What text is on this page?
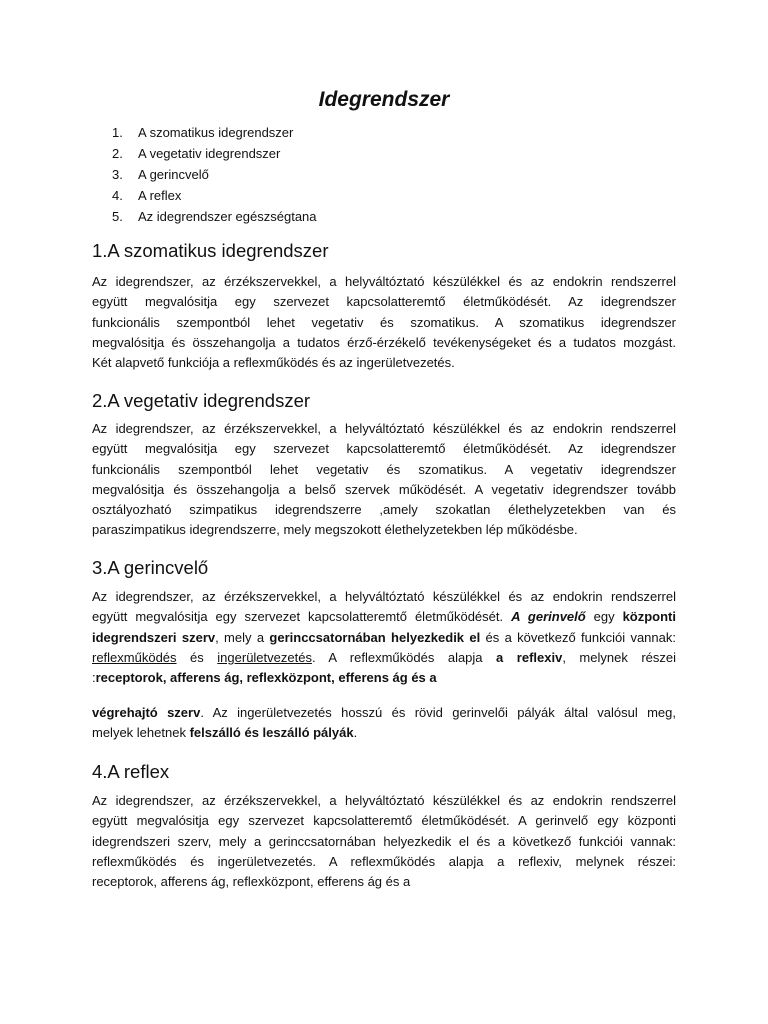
Idegrendszer
1. A szomatikus idegrendszer
2. A vegetativ idegrendszer
3. A gerincvelő
4. A reflex
5. Az idegrendszer egészségtana
1.A szomatikus idegrendszer
Az idegrendszer, az érzékszervekkel, a helyváltóztató készülékkel és az endokrin rendszerrel
együtt megvalósitja egy szervezet kapcsolatteremtő életműködését. Az idegrendszer
funkcionális szempontból lehet vegetativ és szomatikus. A szomatikus idegrendszer
megvalósitja és összehangolja a tudatos érző-érzékelő tevékenységeket és a tudatos mozgást.
Két alapvető funkciója a reflexműködés és az ingerületvezetés.
2.A vegetativ idegrendszer
Az idegrendszer, az érzékszervekkel, a helyváltóztató készülékkel és az endokrin rendszerrel
együtt megvalósitja egy szervezet kapcsolatteremtő életműködését. Az idegrendszer
funkcionális szempontból lehet vegetativ és szomatikus. A vegetativ idegrendszer
megvalósitja és összehangolja a belső szervek működését. A vegetativ idegrendszer tovább
osztályozható szimpatikus idegrendszerre ,amely szokatlan élethelyzetekben van és
paraszimpatikus idegrendszerre, mely megszokott élethelyzetekben lép működésbe.
3.A gerincvelő
Az idegrendszer, az érzékszervekkel, a helyváltóztató készülékkel és az endokrin rendszerrel
együtt megvalósitja egy szervezet kapcsolatteremtő életműködését. A gerinvelő egy központi
idegrendszeri szerv, mely a gerinccsatornában helyezkedik el és a következő funkciói vannak:
reflexműködés és ingerületvezetés. A reflexműködés alapja a reflexiv, melynek részei
:receptorok, afferens ág, reflexközpont, efferens ág és a
végrehajtó szerv. Az ingerületvezetés hosszú és rövid gerinvelői pályák által valósul meg,
melyek lehetnek felszálló és leszálló pályák.
4.A reflex
Az idegrendszer, az érzékszervekkel, a helyváltóztató készülékkel és az endokrin rendszerrel
együtt megvalósitja egy szervezet kapcsolatteremtő életműködését. A gerinvelő egy központi
idegrendszeri szerv, mely a gerinccsatornában helyezkedik el és a következő funkciói vannak:
reflexműködés és ingerületvezetés. A reflexműködés alapja a reflexiv, melynek részei:
receptorok, afferens ág, reflexközpont, efferens ág és a
